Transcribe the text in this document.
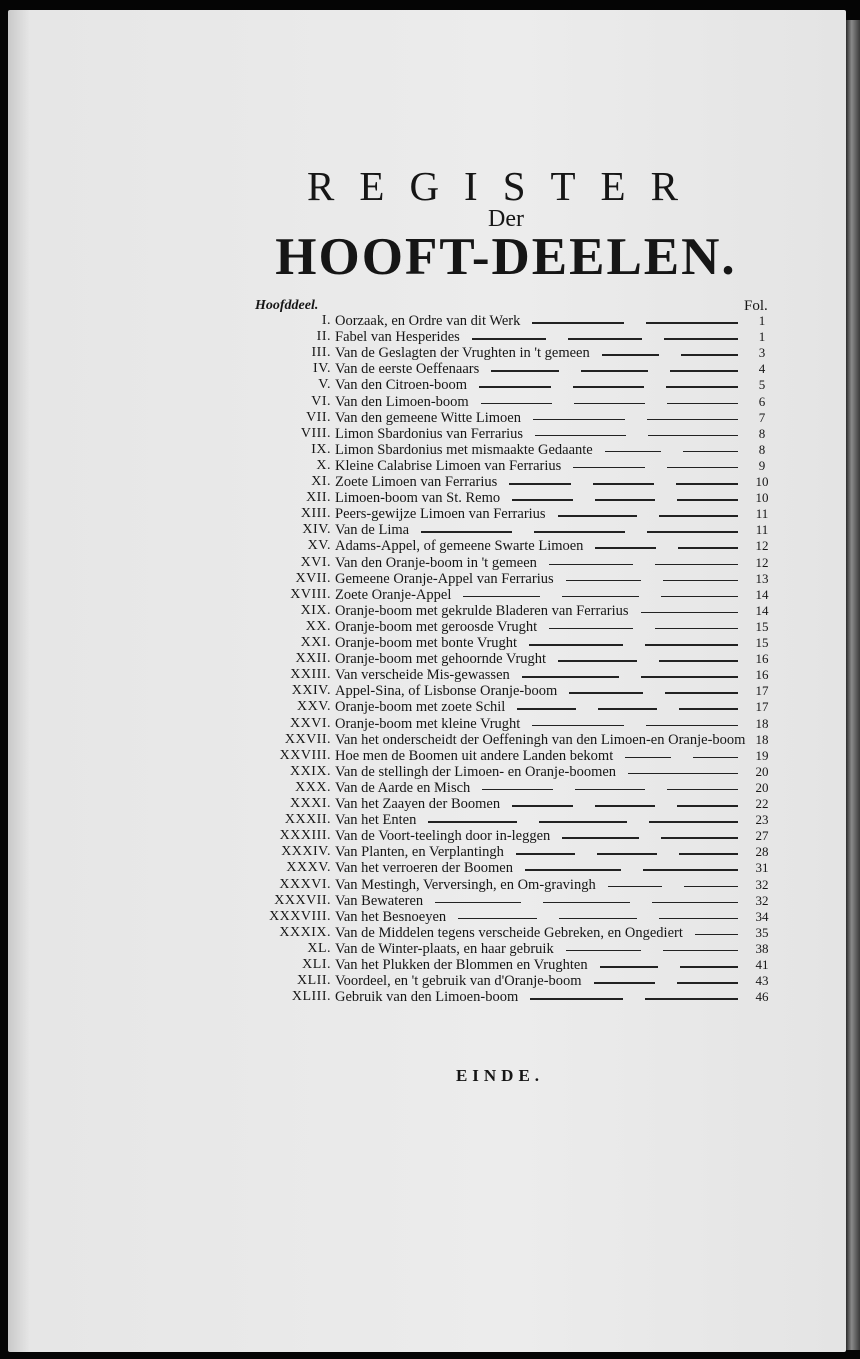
REGISTER
Der
HOOFT-DEELEN.
Hoofddeel.	Fol.
I. Oorzaak, en Ordre van dit Werk	1
II. Fabel van Hesperides	1
III. Van de Geslagten der Vrughten in 't gemeen	3
IV. Van de eerste Oeffenaars	4
V. Van den Citroen-boom	5
VI. Van den Limoen-boom	6
VII. Van den gemeene Witte Limoen	7
VIII. Limon Sbardonius van Ferrarius	8
IX. Limon Sbardonius met mismaakte Gedaante	8
X. Kleine Calabrise Limoen van Ferrarius	9
XI. Zoete Limoen van Ferrarius	10
XII. Limoen-boom van St. Remo	10
XIII. Peers-gewijze Limoen van Ferrarius	11
XIV. Van de Lima	11
XV. Adams-Appel, of gemeene Swarte Limoen	12
XVI. Van den Oranje-boom in 't gemeen	12
XVII. Gemeene Oranje-Appel van Ferrarius	13
XVIII. Zoete Oranje-Appel	14
XIX. Oranje-boom met gekrulde Bladeren van Ferrarius	14
XX. Oranje-boom met geroosde Vrught	15
XXI. Oranje-boom met bonte Vrught	15
XXII. Oranje-boom met gehoornde Vrught	16
XXIII. Van verscheide Mis-gewassen	16
XXIV. Appel-Sina, of Lisbonse Oranje-boom	17
XXV. Oranje-boom met zoete Schil	17
XXVI. Oranje-boom met kleine Vrught	18
XXVII. Van het onderscheidt der Oeffeningh van den Limoen-en Oranje-boom 18
XXVIII. Hoe men de Boomen uit andere Landen bekomt	19
XXIX. Van de stellingh der Limoen- en Oranje-boomen	20
XXX. Van de Aarde en Misch	20
XXXI. Van het Zaayen der Boomen	22
XXXII. Van het Enten	23
XXXIII. Van de Voort-teelingh door in-leggen	27
XXXIV. Van Planten, en Verplantingh	28
XXXV. Van het verroeren der Boomen	31
XXXVI. Van Mestingh, Verversingh, en Om-gravingh	32
XXXVII. Van Bewateren	32
XXXVIII. Van het Besnoeyen	34
XXXIX. Van de Middelen tegens verscheide Gebreken, en Ongediert	35
XL. Van de Winter-plaats, en haar gebruik	38
XLI. Van het Plukken der Blommen en Vrughten	41
XLII. Voordeel, en 't gebruik van d'Oranje-boom	43
XLIII. Gebruik van den Limoen-boom	46
EINDE.
